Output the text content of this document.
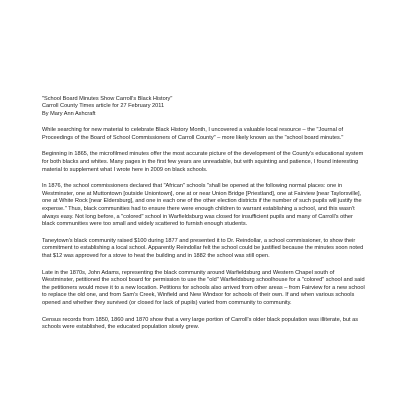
"School Board Minutes Show Carroll's Black History"
Carroll County Times article for 27 February 2011
By Mary Ann Ashcraft

While searching for new material to celebrate Black History Month, I uncovered a valuable local resource – the "Journal of Proceedings of the Board of School Commissioners of Carroll County" – more likely known as the "school board minutes."

Beginning in 1865, the microfilmed minutes offer the most accurate picture of the development of the County's educational system for both blacks and whites. Many pages in the first few years are unreadable, but with squinting and patience, I found interesting material to supplement what I wrote here in 2009 on black schools.

In 1876, the school commissioners declared that "African" schools "shall be opened at the following normal places: one in Westminster, one at Muttontown [outside Uniontown], one at or near Union Bridge [Priestland], one at Fairview [near Taylorsville], one at White Rock [near Eldersburg], and one in each one of the other election districts if the number of such pupils will justify the expense." Thus, black communities had to ensure there were enough children to warrant establishing a school, and this wasn't always easy. Not long before, a "colored" school in Warfieldsburg was closed for insufficient pupils and many of Carroll's other black communities were too small and widely scattered to furnish enough students.

Taneytown's black community raised $100 during 1877 and presented it to Dr. Reindollar, a school commissioner, to show their commitment to establishing a local school. Apparently Reindollar felt the school could be justified because the minutes soon noted that $12 was approved for a stove to heat the building and in 1882 the school was still open.

Late in the 1870s, John Adams, representing the black community around Warfieldsburg and Western Chapel south of Westminster, petitioned the school board for permission to use the "old" Warfieldsburg schoolhouse for a "colored" school and said the petitioners would move it to a new location. Petitions for schools also arrived from other areas – from Fairview for a new school to replace the old one, and from Sam's Creek, Winfield and New Windsor for schools of their own. If and when various schools opened and whether they survived (or closed for lack of pupils) varied from community to community.

Census records from 1850, 1860 and 1870 show that a very large portion of Carroll's older black population was illiterate, but as schools were established, the educated population slowly grew.
